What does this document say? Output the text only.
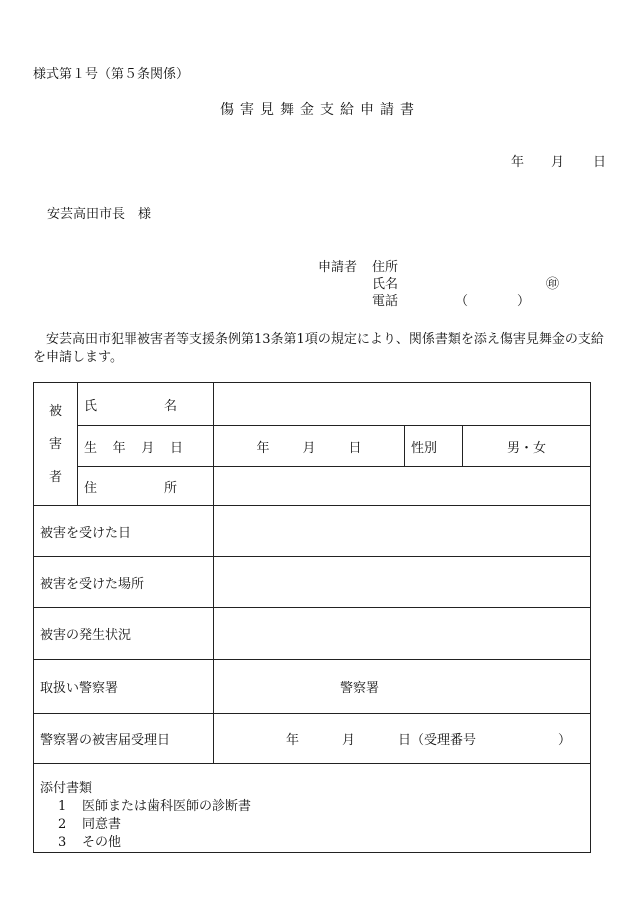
様式第１号（第５条関係）
傷害見舞金支給申請書
年 月 日
安芸高田市長　様
申請者 住所
氏名	㊞
電話	（	）
安芸高田市犯罪被害者等支援条例第13条第1項の規定により、関係書類を添え傷害見舞金の支給を申請します。
被
害
者	氏 名			

	生 年 月 日	年 月 日	性別	男・女

	住 所			

被害を受けた日				
被害を受けた場所				
被害の発生状況				
取扱い警察署		警察署		
警察署の被害届受理日		年 月 日（受理番号 ）		

添付書類
1 医師または歯科医師の診断書
2 同意書
3 その他				
